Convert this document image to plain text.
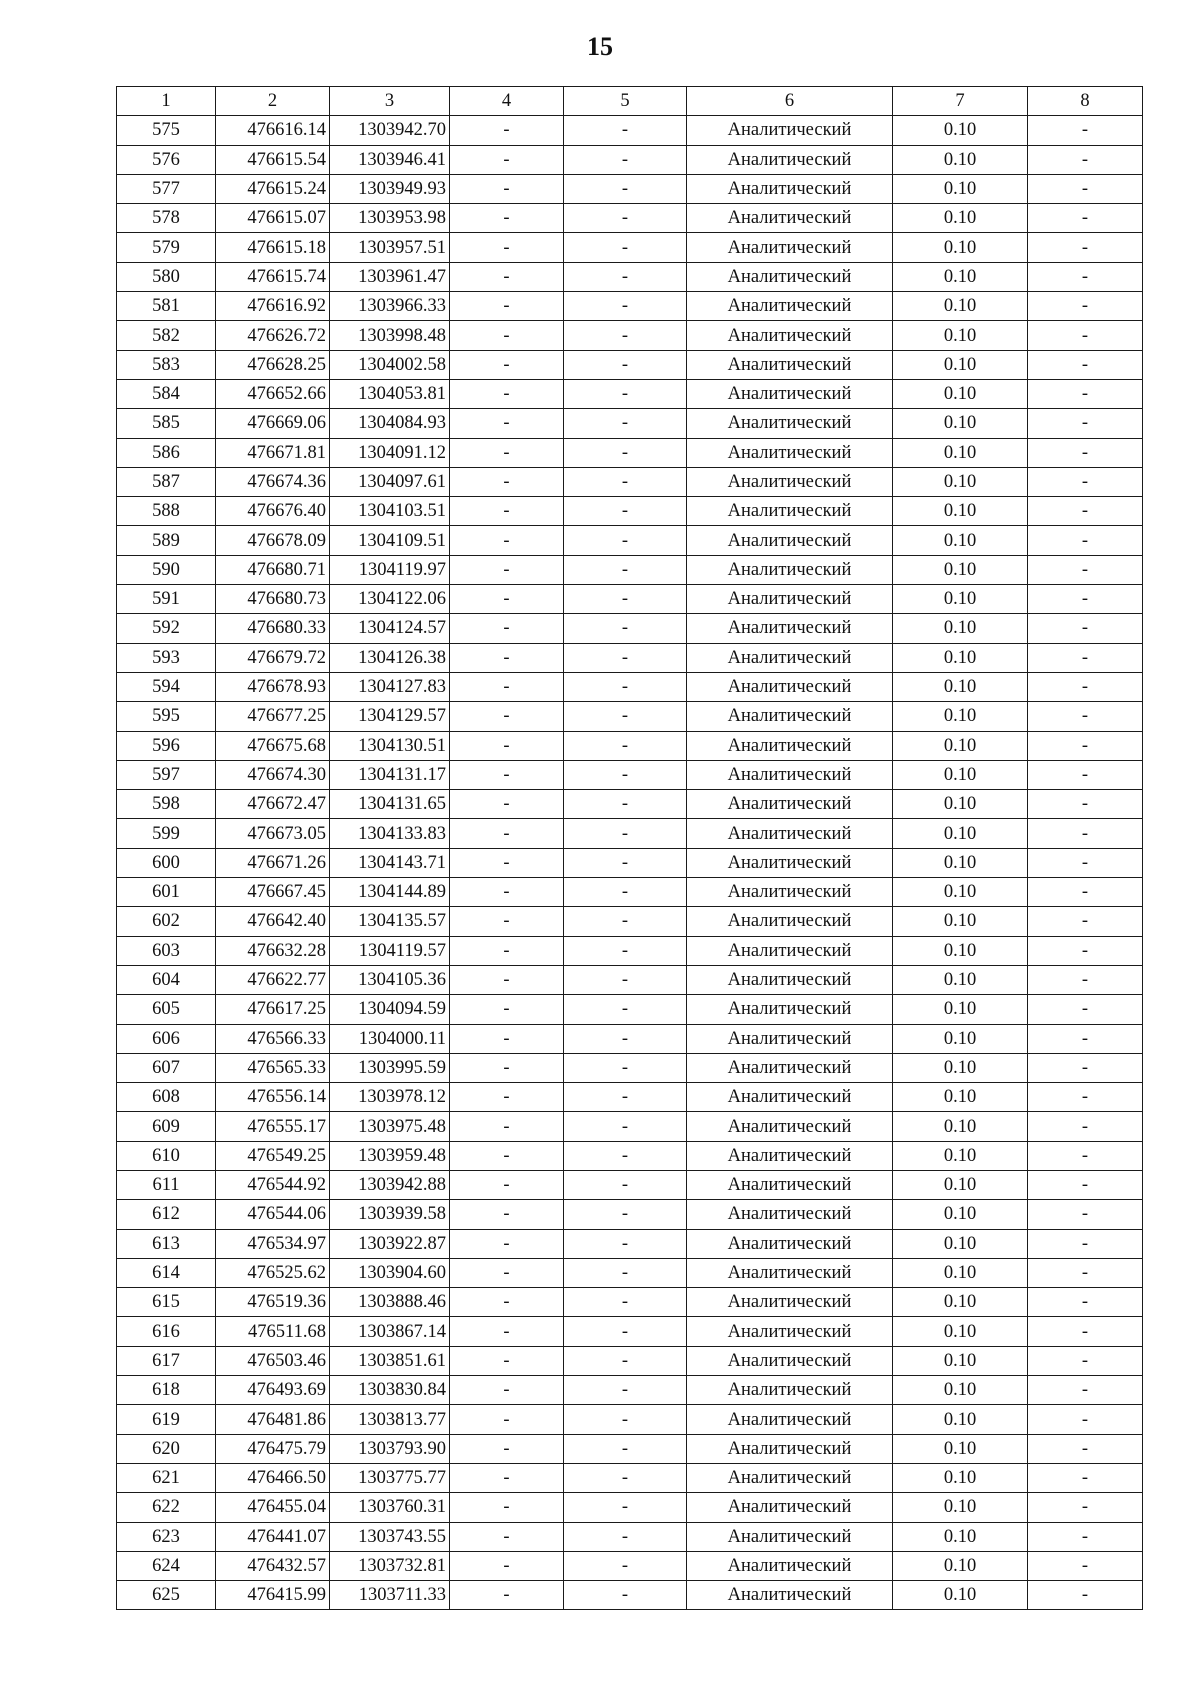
15
1	2	3	4	5	6	7	8
575	476616.14	1303942.70	-	-	Аналитический	0.10	-
576	476615.54	1303946.41	-	-	Аналитический	0.10	-
577	476615.24	1303949.93	-	-	Аналитический	0.10	-
578	476615.07	1303953.98	-	-	Аналитический	0.10	-
579	476615.18	1303957.51	-	-	Аналитический	0.10	-
580	476615.74	1303961.47	-	-	Аналитический	0.10	-
581	476616.92	1303966.33	-	-	Аналитический	0.10	-
582	476626.72	1303998.48	-	-	Аналитический	0.10	-
583	476628.25	1304002.58	-	-	Аналитический	0.10	-
584	476652.66	1304053.81	-	-	Аналитический	0.10	-
585	476669.06	1304084.93	-	-	Аналитический	0.10	-
586	476671.81	1304091.12	-	-	Аналитический	0.10	-
587	476674.36	1304097.61	-	-	Аналитический	0.10	-
588	476676.40	1304103.51	-	-	Аналитический	0.10	-
589	476678.09	1304109.51	-	-	Аналитический	0.10	-
590	476680.71	1304119.97	-	-	Аналитический	0.10	-
591	476680.73	1304122.06	-	-	Аналитический	0.10	-
592	476680.33	1304124.57	-	-	Аналитический	0.10	-
593	476679.72	1304126.38	-	-	Аналитический	0.10	-
594	476678.93	1304127.83	-	-	Аналитический	0.10	-
595	476677.25	1304129.57	-	-	Аналитический	0.10	-
596	476675.68	1304130.51	-	-	Аналитический	0.10	-
597	476674.30	1304131.17	-	-	Аналитический	0.10	-
598	476672.47	1304131.65	-	-	Аналитический	0.10	-
599	476673.05	1304133.83	-	-	Аналитический	0.10	-
600	476671.26	1304143.71	-	-	Аналитический	0.10	-
601	476667.45	1304144.89	-	-	Аналитический	0.10	-
602	476642.40	1304135.57	-	-	Аналитический	0.10	-
603	476632.28	1304119.57	-	-	Аналитический	0.10	-
604	476622.77	1304105.36	-	-	Аналитический	0.10	-
605	476617.25	1304094.59	-	-	Аналитический	0.10	-
606	476566.33	1304000.11	-	-	Аналитический	0.10	-
607	476565.33	1303995.59	-	-	Аналитический	0.10	-
608	476556.14	1303978.12	-	-	Аналитический	0.10	-
609	476555.17	1303975.48	-	-	Аналитический	0.10	-
610	476549.25	1303959.48	-	-	Аналитический	0.10	-
611	476544.92	1303942.88	-	-	Аналитический	0.10	-
612	476544.06	1303939.58	-	-	Аналитический	0.10	-
613	476534.97	1303922.87	-	-	Аналитический	0.10	-
614	476525.62	1303904.60	-	-	Аналитический	0.10	-
615	476519.36	1303888.46	-	-	Аналитический	0.10	-
616	476511.68	1303867.14	-	-	Аналитический	0.10	-
617	476503.46	1303851.61	-	-	Аналитический	0.10	-
618	476493.69	1303830.84	-	-	Аналитический	0.10	-
619	476481.86	1303813.77	-	-	Аналитический	0.10	-
620	476475.79	1303793.90	-	-	Аналитический	0.10	-
621	476466.50	1303775.77	-	-	Аналитический	0.10	-
622	476455.04	1303760.31	-	-	Аналитический	0.10	-
623	476441.07	1303743.55	-	-	Аналитический	0.10	-
624	476432.57	1303732.81	-	-	Аналитический	0.10	-
625	476415.99	1303711.33	-	-	Аналитический	0.10	-
